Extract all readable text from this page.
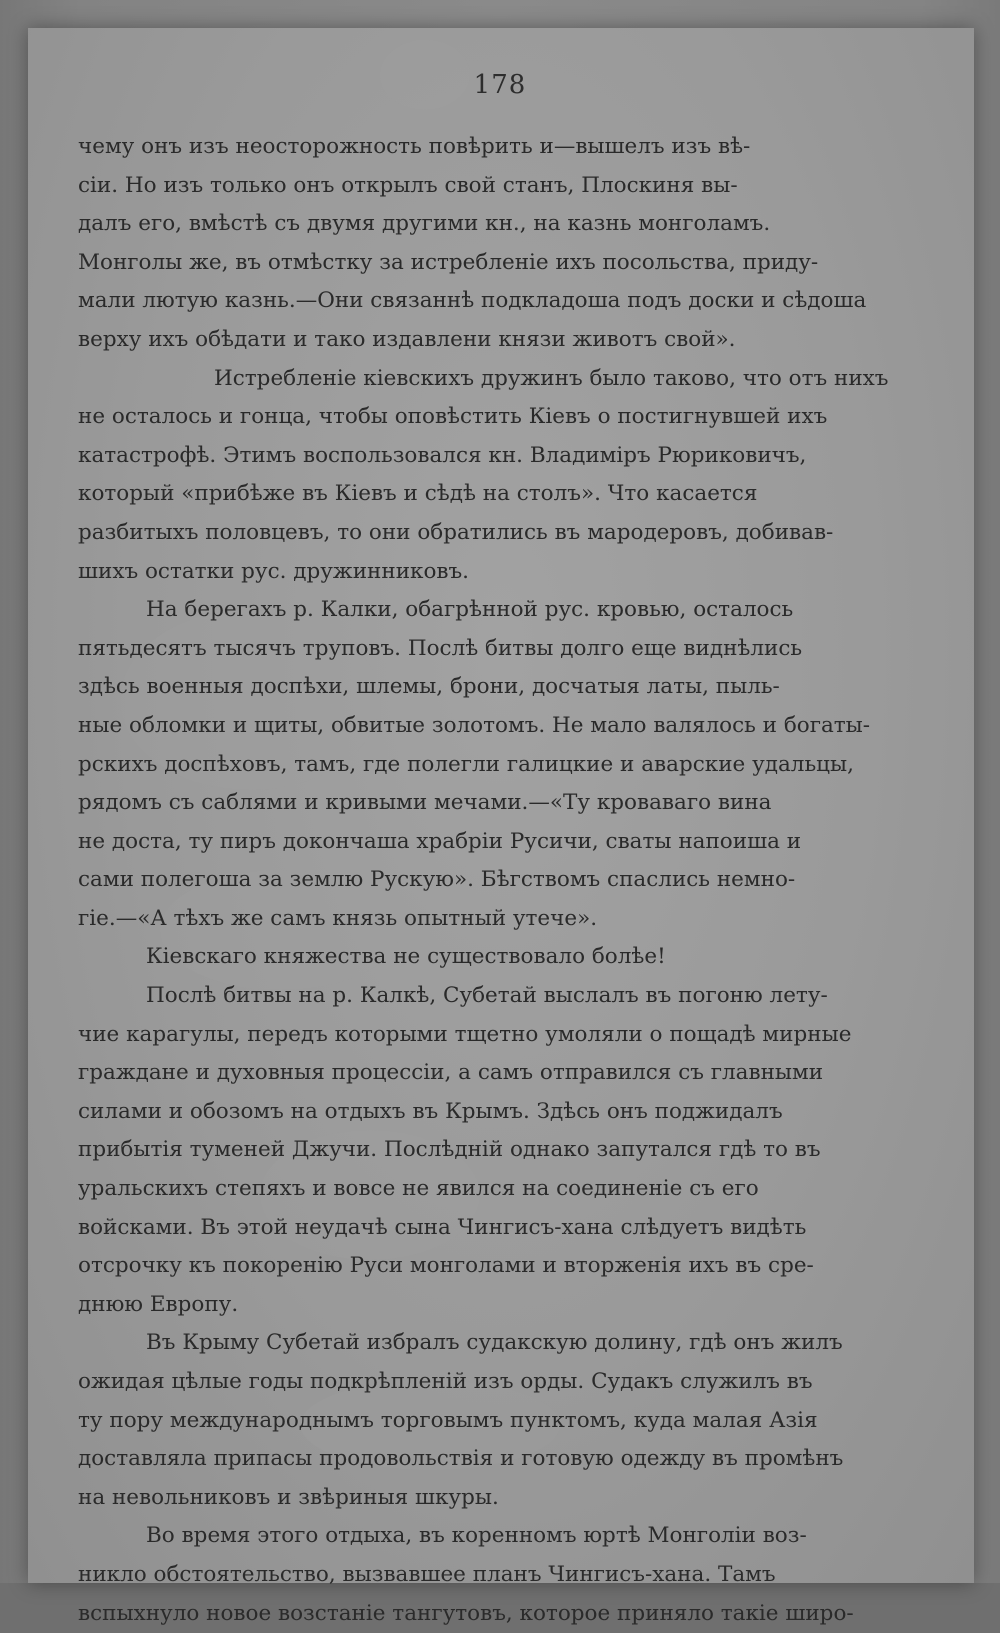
178
чему онъ изъ неосторожность повѣрить и—вышелъ изъ вѣ-
сіи. Но изъ только онъ открылъ свой станъ, Плоскиня вы-
далъ его, вмѣстѣ съ двумя другими кн., на казнь монголамъ.
Монголы же, въ отмѣстку за истребленіе ихъ посольства, приду-
мали лютую казнь.—Они связаннѣ подкладоша подъ доски и сѣдоша
верху ихъ обѣдати и тако издавлени князи животъ свой».
Истребленіе кіевскихъ дружинъ было таково, что отъ нихъ
не осталось и гонца, чтобы оповѣстить Кіевъ о постигнувшей ихъ
катастрофѣ. Этимъ воспользовался кн. Владиміръ Рюриковичъ,
который «прибѣже въ Кіевъ и сѣдѣ на столъ». Что касается
разбитыхъ половцевъ, то они обратились въ мародеровъ, добивав-
шихъ остатки рус. дружинниковъ.
На берегахъ р. Калки, обагрѣнной рус. кровью, осталось
пятьдесятъ тысячъ труповъ. Послѣ битвы долго еще виднѣлись
здѣсь военныя доспѣхи, шлемы, брони, досчатыя латы, пыль-
ные обломки и щиты, обвитые золотомъ. Не мало валялось и богаты-
рскихъ доспѣховъ, тамъ, где полегли галицкие и аварские удальцы,
рядомъ съ саблями и кривыми мечами.—«Ту кроваваго вина
не доста, ту пиръ докончаша храбріи Русичи, сваты напоиша и
сами полегоша за землю Рускую». Бѣгствомъ спаслись немно-
гіе.—«А тѣхъ же самъ князь опытный утече».
Кіевскаго княжества не существовало болѣе!
Послѣ битвы на р. Калкѣ, Субетай выслалъ въ погоню лету-
чие карагулы, передъ которыми тщетно умоляли о пощадѣ мирные
граждане и духовныя процессіи, а самъ отправился съ главными
силами и обозомъ на отдыхъ въ Крымъ. Здѣсь онъ поджидалъ
прибытія туменей Джучи. Послѣдній однако запутался гдѣ то въ
уральскихъ степяхъ и вовсе не явился на соединеніе съ его
войсками. Въ этой неудачѣ сына Чингисъ-хана слѣдуетъ видѣть
отсрочку къ покоренію Руси монголами и вторженія ихъ въ сре-
днюю Европу.
Въ Крыму Субетай избралъ судакскую долину, гдѣ онъ жилъ
ожидая цѣлые годы подкрѣпленій изъ орды. Судакъ служилъ въ
ту пору международнымъ торговымъ пунктомъ, куда малая Азія
доставляла припасы продовольствія и готовую одежду въ промѣнъ
на невольниковъ и звѣриныя шкуры.
Во время этого отдыха, въ коренномъ юртѣ Монголіи воз-
никло обстоятельство, вызвавшее планъ Чингисъ-хана. Тамъ
вспыхнуло новое возстаніе тангутовъ, которое приняло такіе широ-
